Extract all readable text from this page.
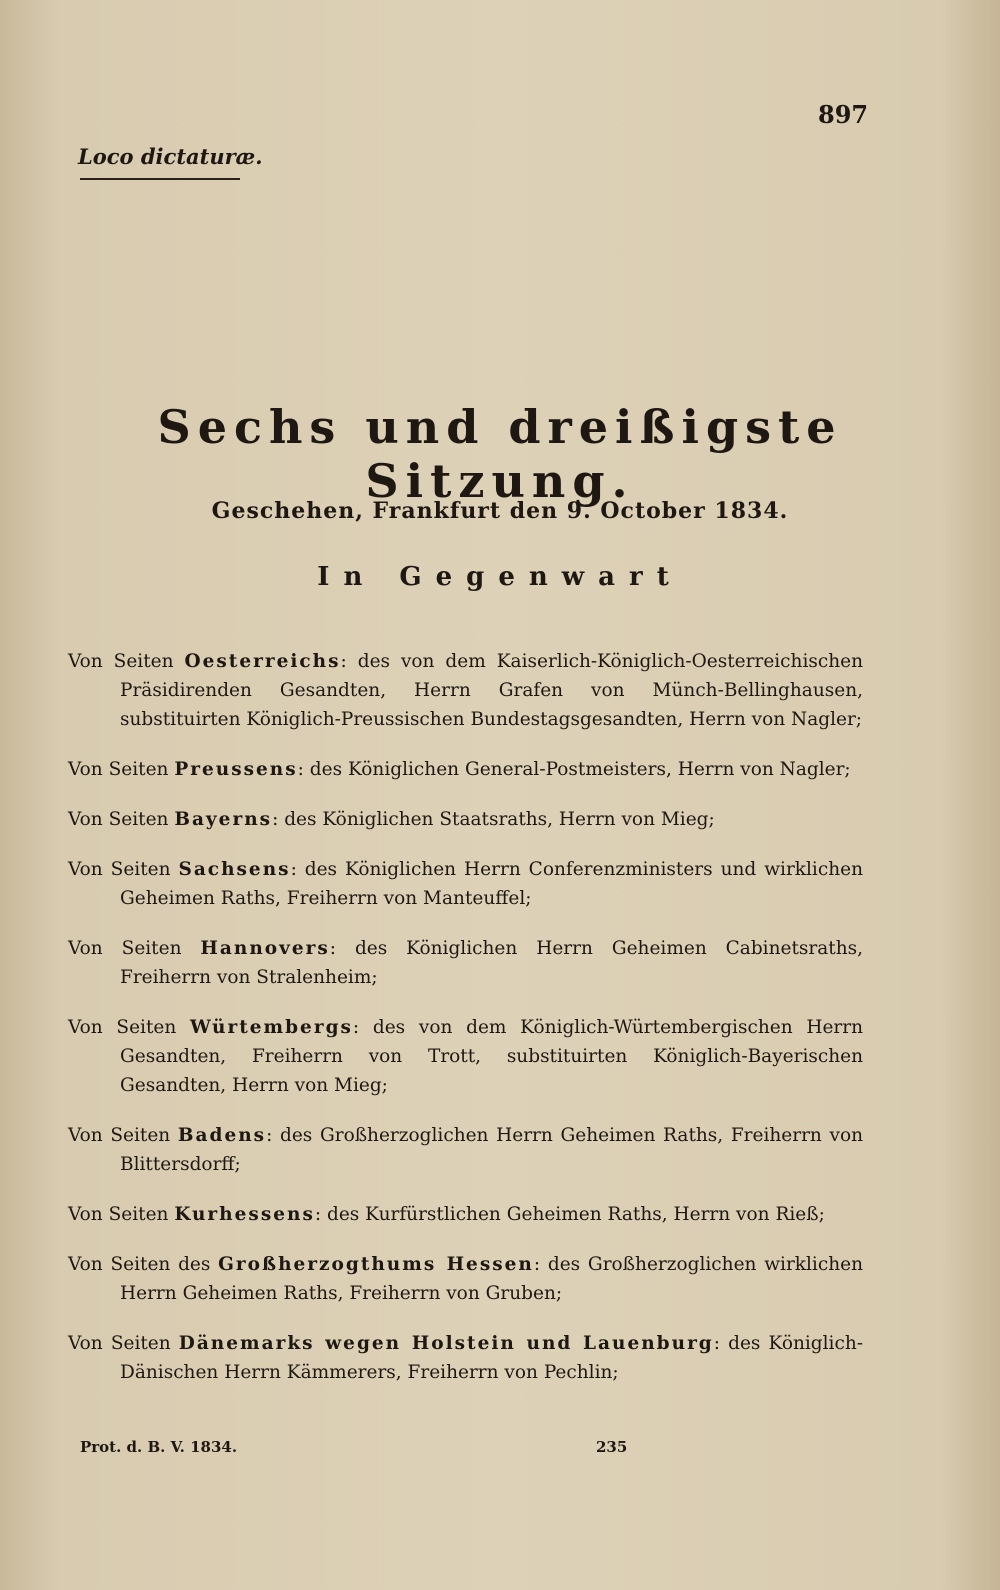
897
Loco dictaturæ.
Sechs und dreißigste Sitzung.
Geschehen, Frankfurt den 9. October 1834.
In Gegenwart

Von Seiten Oesterreichs: des von dem Kaiserlich-Königlich-Oesterreichischen Präsidirenden Gesandten, Herrn Grafen von Münch-Bellinghausen, substituirten Königlich-Preussischen Bundestagsgesandten, Herrn von Nagler;

Von Seiten Preussens: des Königlichen General-Postmeisters, Herrn von Nagler;

Von Seiten Bayerns: des Königlichen Staatsraths, Herrn von Mieg;

Von Seiten Sachsens: des Königlichen Herrn Conferenzministers und wirklichen Geheimen Raths, Freiherrn von Manteuffel;

Von Seiten Hannovers: des Königlichen Herrn Geheimen Cabinetsraths, Freiherrn von Stralenheim;

Von Seiten Würtembergs: des von dem Königlich-Würtembergischen Herrn Gesandten, Freiherrn von Trott, substituirten Königlich-Bayerischen Gesandten, Herrn von Mieg;

Von Seiten Badens: des Großherzoglichen Herrn Geheimen Raths, Freiherrn von Blittersdorff;

Von Seiten Kurhessens: des Kurfürstlichen Geheimen Raths, Herrn von Rieß;

Von Seiten des Großherzogthums Hessen: des Großherzoglichen wirklichen Herrn Geheimen Raths, Freiherrn von Gruben;

Von Seiten Dänemarks wegen Holstein und Lauenburg: des Königlich-Dänischen Herrn Kämmerers, Freiherrn von Pechlin;

Prot. d. B. V. 1834.	235
